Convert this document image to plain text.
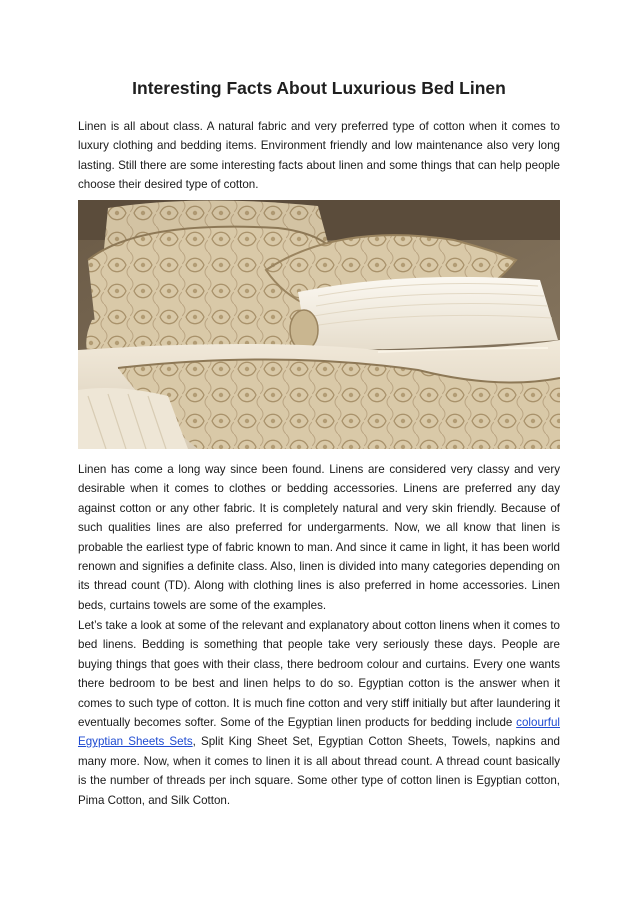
Interesting Facts About Luxurious Bed Linen

Linen is all about class. A natural fabric and very preferred type of cotton when it comes to luxury clothing and bedding items. Environment friendly and low maintenance also very long lasting. Still there are some interesting facts about linen and some things that can help people choose their desired type of cotton.

Linen has come a long way since been found. Linens are considered very classy and very desirable when it comes to clothes or bedding accessories. Linens are preferred any day against cotton or any other fabric. It is completely natural and very skin friendly. Because of such qualities lines are also preferred for undergarments. Now, we all know that linen is probable the earliest type of fabric known to man. And since it came in light, it has been world renown and signifies a definite class. Also, linen is divided into many categories depending on its thread count (TD). Along with clothing lines is also preferred in home accessories. Linen beds, curtains towels are some of the examples.

Let’s take a look at some of the relevant and explanatory about cotton linens when it comes to bed linens. Bedding is something that people take very seriously these days. People are buying things that goes with their class, there bedroom colour and curtains. Every one wants there bedroom to be best and linen helps to do so. Egyptian cotton is the answer when it comes to such type of cotton. It is much fine cotton and very stiff initially but after laundering it eventually becomes softer. Some of the Egyptian linen products for bedding include colourful Egyptian Sheets Sets, Split King Sheet Set, Egyptian Cotton Sheets, Towels, napkins and many more. Now, when it comes to linen it is all about thread count. A thread count basically is the number of threads per inch square. Some other type of cotton linen is Egyptian cotton, Pima Cotton, and Silk Cotton.
